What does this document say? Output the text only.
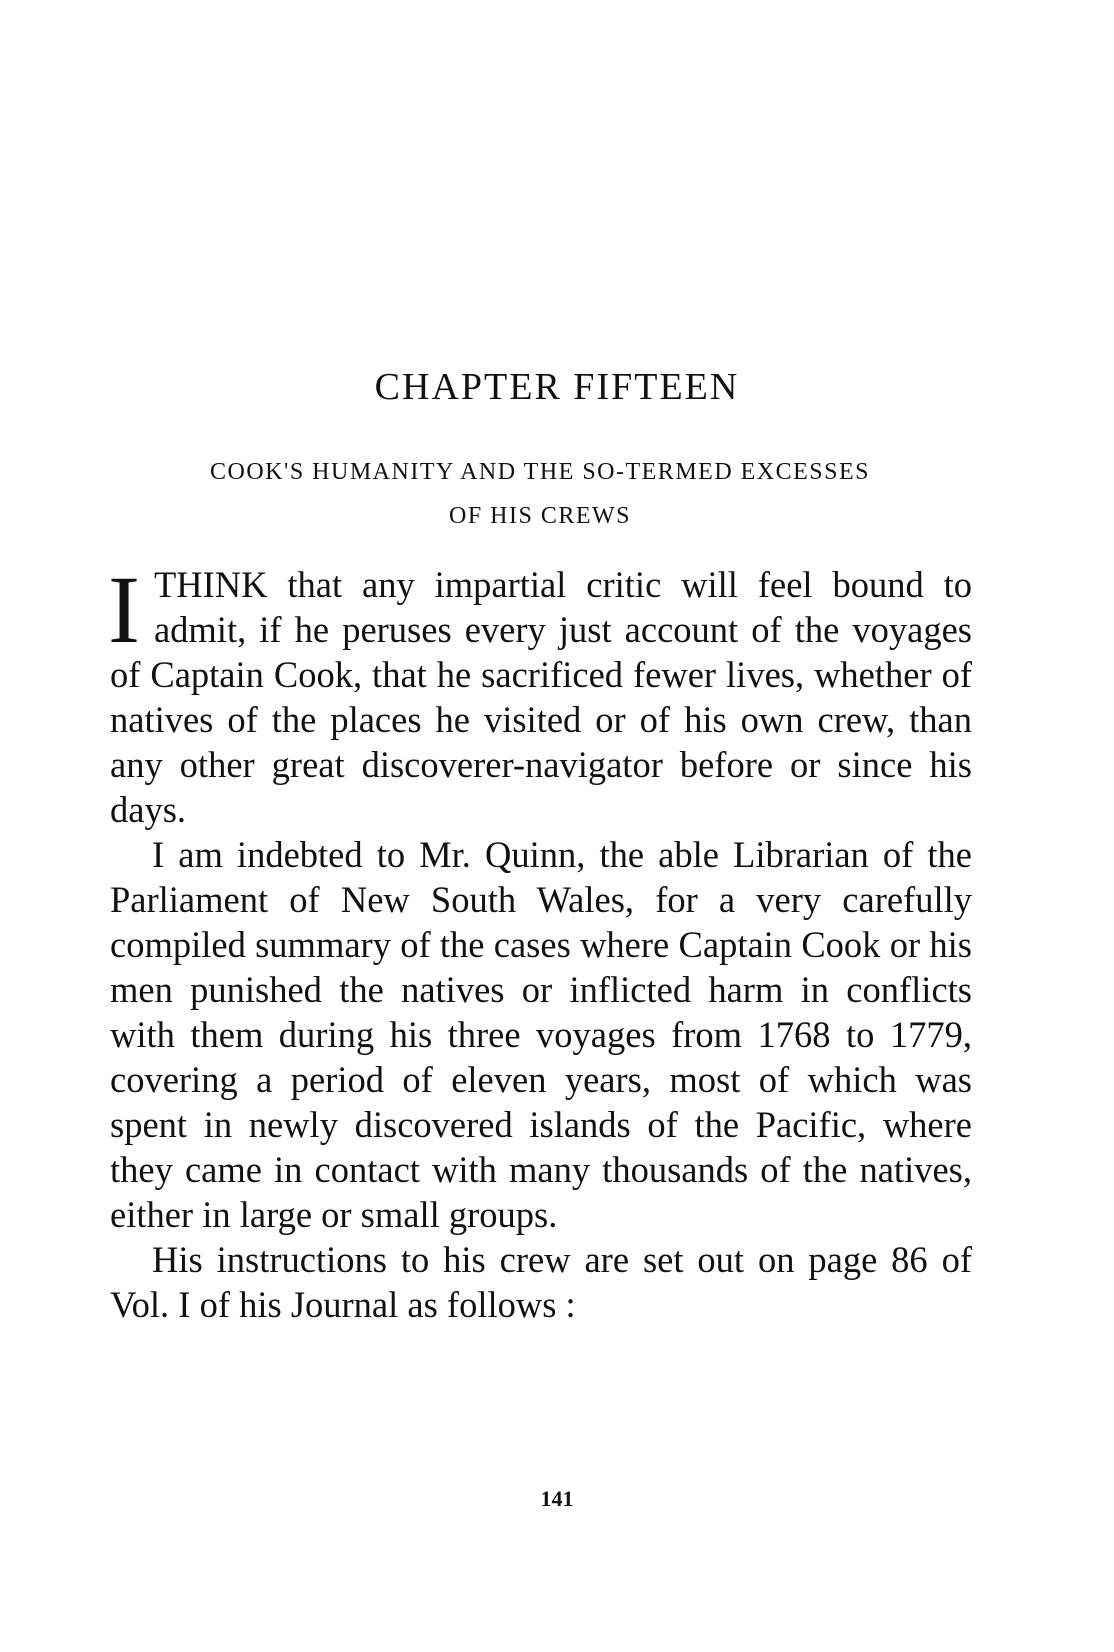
CHAPTER FIFTEEN
COOK'S HUMANITY AND THE SO-TERMED EXCESSES
OF HIS CREWS

ITHINK that any impartial critic will feel bound to admit, if he peruses every just account of the voyages of Captain Cook, that he sacrificed fewer lives, whether of natives of the places he visited or of his own crew, than any other great discoverer-navigator before or since his days.

I am indebted to Mr. Quinn, the able Librarian of the Parliament of New South Wales, for a very carefully compiled summary of the cases where Captain Cook or his men punished the natives or inflicted harm in conflicts with them during his three voyages from 1768 to 1779, covering a period of eleven years, most of which was spent in newly discovered islands of the Pacific, where they came in contact with many thousands of the natives, either in large or small groups.

His instructions to his crew are set out on page 86 of Vol. I of his Journal as follows :

141
